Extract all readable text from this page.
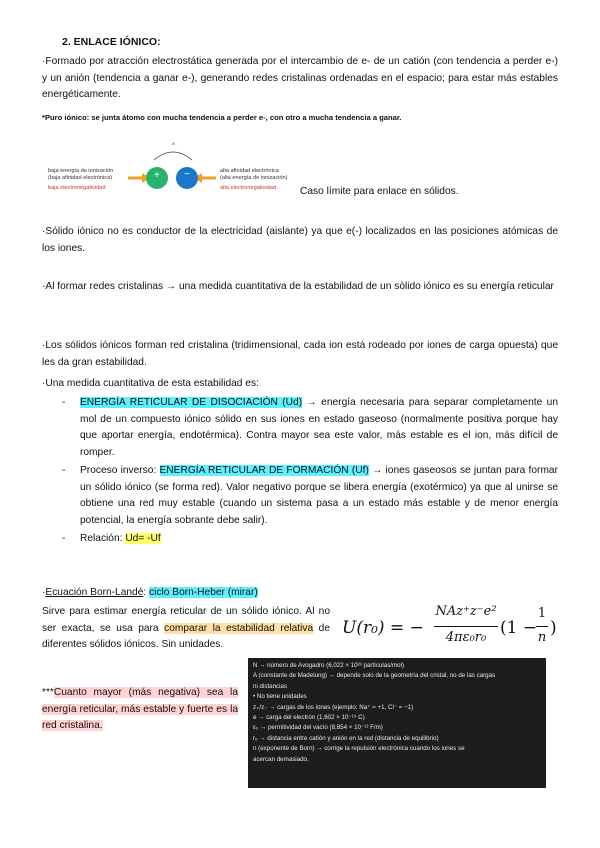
2. ENLACE IÓNICO:
·Formado por atracción electrostática generada por el intercambio de e- de un catión (con tendencia a perder e-) y un anión (tendencia a ganar e-), generando redes cristalinas ordenadas en el espacio; para estar más estables energéticamente.
*Puro iónico: se junta átomo con mucha tendencia a perder e-, con otro a mucha tendencia a ganar.
^
+ −
baja energía de ionización
(baja afinidad electrónica)
baja electronegatividad
alta afinidad electrónica
(alta energía de ionización)
alta electronegatividad	Caso límite para enlace en sólidos.
·Sólido iónico no es conductor de la electricidad (aislante) ya que e(-) localizados en las posiciones atómicas de los iones.
·Al formar redes cristalinas → una medida cuantitativa de la estabilidad de un sòlido iónico es su energía reticular
·Los sólidos iónicos forman red cristalina (tridimensional, cada ion está rodeado por iones de carga opuesta) que les da gran estabilidad.
·Una medida cuantitativa de esta estabilidad es:
- ENERGÍA RETICULAR DE DISOCIACIÓN (Ud) → energía necesaria para separar completamente un mol de un compuesto iónico sólido en sus iones en estado gaseoso (normalmente positiva porque hay que aportar energía, endotérmica). Contra mayor sea este valor, más estable es el ion, más difícil de romper.
- Proceso inverso: ENERGÍA RETICULAR DE FORMACIÓN (Uf) → iones gaseosos se juntan para formar un sólido iónico (se forma red). Valor negativo porque se libera energía (exotérmico) ya que al unirse se obtiene una red muy estable (cuando un sistema pasa a un estado más estable y de menor energía potencial, la energía sobrante debe salir).
- Relación: Ud= -Uf
·Ecuación Born-Landé: ciclo Born-Heber (mirar)
Sirve para estimar energía reticular de un sólido iónico. Al no ser exacta, se usa para comparar la estabilidad relativa de diferentes sólidos iónicos. Sin unidades.
***Cuanto mayor (más negativa) sea la energía reticular, más estable y fuerte es la red cristalina.
U(r₀) = −
NAz⁺z⁻e²
4πε₀r₀ (1 −
1
n )
N → número de Avogadro (6,022 × 10²³ partículas/mol)
A (constante de Madelung) → depende solo de la geometría del cristal, no de las cargas
ni distancias
• No tiene unidades
z₊/z₋ → cargas de los iones (ejemplo: Na⁺ = +1, Cl⁻ = −1)
e → carga del electrón (1,602 × 10⁻¹⁹ C)
ε₀ → permitividad del vacío (8,854 × 10⁻¹² F/m)
r₀ → distancia entre catión y anión en la red (distancia de equilibrio)
n (exponente de Born) → corrige la repulsión electrónica cuando los iones se
acercan demasiado.
